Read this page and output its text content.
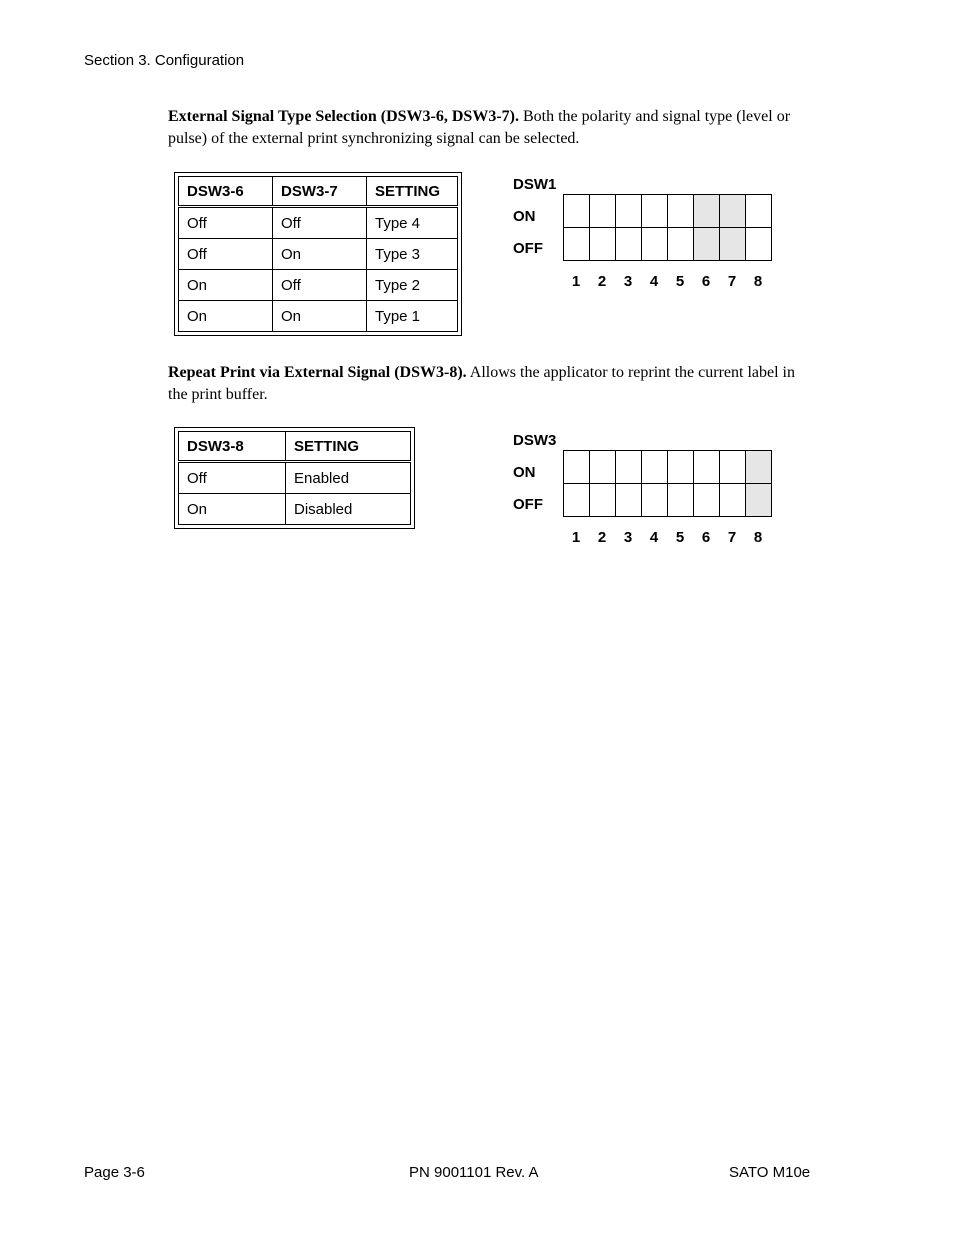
Section 3. Configuration
External Signal Type Selection (DSW3-6, DSW3-7). Both the polarity and signal type (level or pulse) of the external print synchronizing signal can be selected.
DSW3-6	DSW3-7	SETTING
Off	Off	Type 4
Off	On	Type 3
On	Off	Type 2
On	On	Type 1
DSW1
ON
OFF
1	2	3	4	5	6	7	8
Repeat Print via External Signal (DSW3-8). Allows the applicator to reprint the current label in the print buffer.
DSW3-8	SETTING
Off	Enabled
On	Disabled
DSW3
ON
OFF
1	2	3	4	5	6	7	8
Page 3-6	PN 9001101 Rev. A	SATO M10e
